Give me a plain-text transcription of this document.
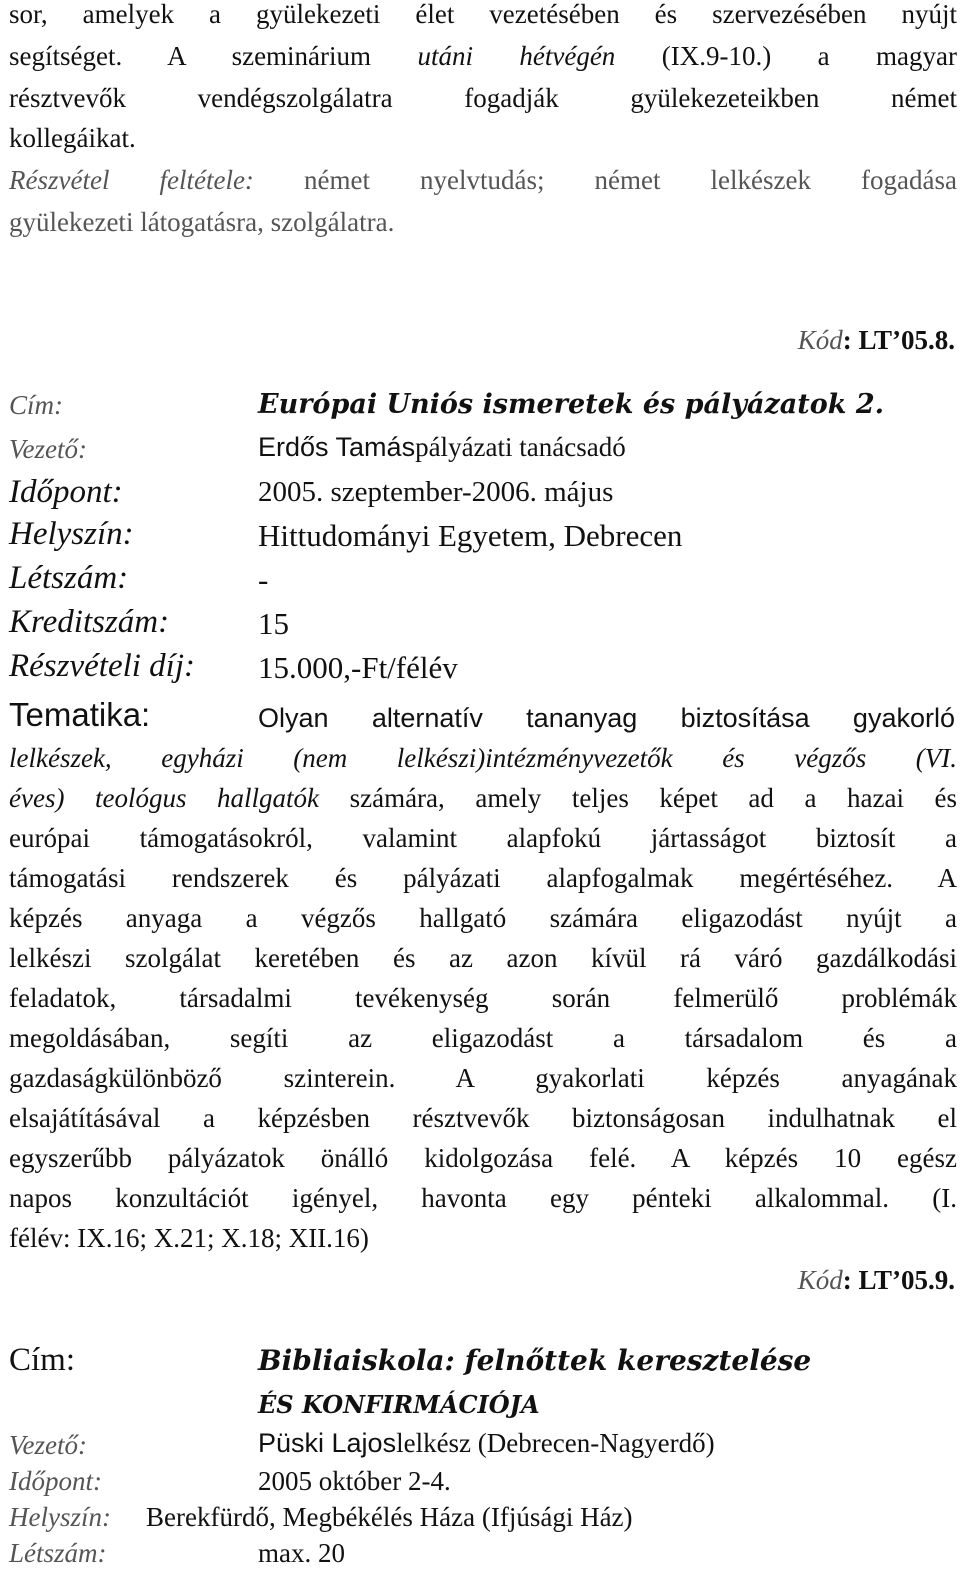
sor, amelyek a gyülekezeti élet vezetésében és szervezésében nyújt
segítséget. A szeminárium utáni hétvégén (IX.9-10.) a magyar
résztvevők vendégszolgálatra fogadják gyülekezeteikben német
kollegáikat.
Részvétel feltétele: német nyelvtudás; német lelkészek fogadása
gyülekezeti látogatásra, szolgálatra.
Kód: LT’05.8.
Cím:	Európai Uniós ismeretek és pályázatok 2.
Vezető:	Erdős Tamáspályázati tanácsadó
Időpont:	2005. szeptember-2006. május
Helyszín:	Hittudományi Egyetem, Debrecen
Létszám:	-
Kreditszám:	15
Részvételi díj: 15.000,-Ft/félév
Tematika:	Olyan alternatív tananyag biztosítása gyakorló
lelkészek, egyházi (nem lelkészi)intézményvezetők és végzős (VI.
éves) teológus hallgatók számára, amely teljes képet ad a hazai és
európai támogatásokról, valamint alapfokú jártasságot biztosít a
támogatási rendszerek és pályázati alapfogalmak megértéséhez. A
képzés anyaga a végzős hallgató számára eligazodást nyújt a
lelkészi szolgálat keretében és az azon kívül rá váró gazdálkodási
feladatok, társadalmi tevékenység során felmerülő problémák
megoldásában, segíti az eligazodást a társadalom és a
gazdaságkülönböző szinterein. A gyakorlati képzés anyagának
elsajátításával a képzésben résztvevők biztonságosan indulhatnak el
egyszerűbb pályázatok önálló kidolgozása felé. A képzés 10 egész
napos konzultációt igényel, havonta egy pénteki alkalommal. (I.
félév: IX.16; X.21; X.18; XII.16)
Kód: LT’05.9.
Cím:	Bibliaiskola: felnőttek keresztelése
ÉS KONFIRMÁCIÓJA
Vezető:	Püski Lajoslelkész (Debrecen-Nagyerdő)
Időpont:	2005 október 2-4.
Helyszín: Berekfürdő, Megbékélés Háza (Ifjúsági Ház)
Létszám:	max. 20
